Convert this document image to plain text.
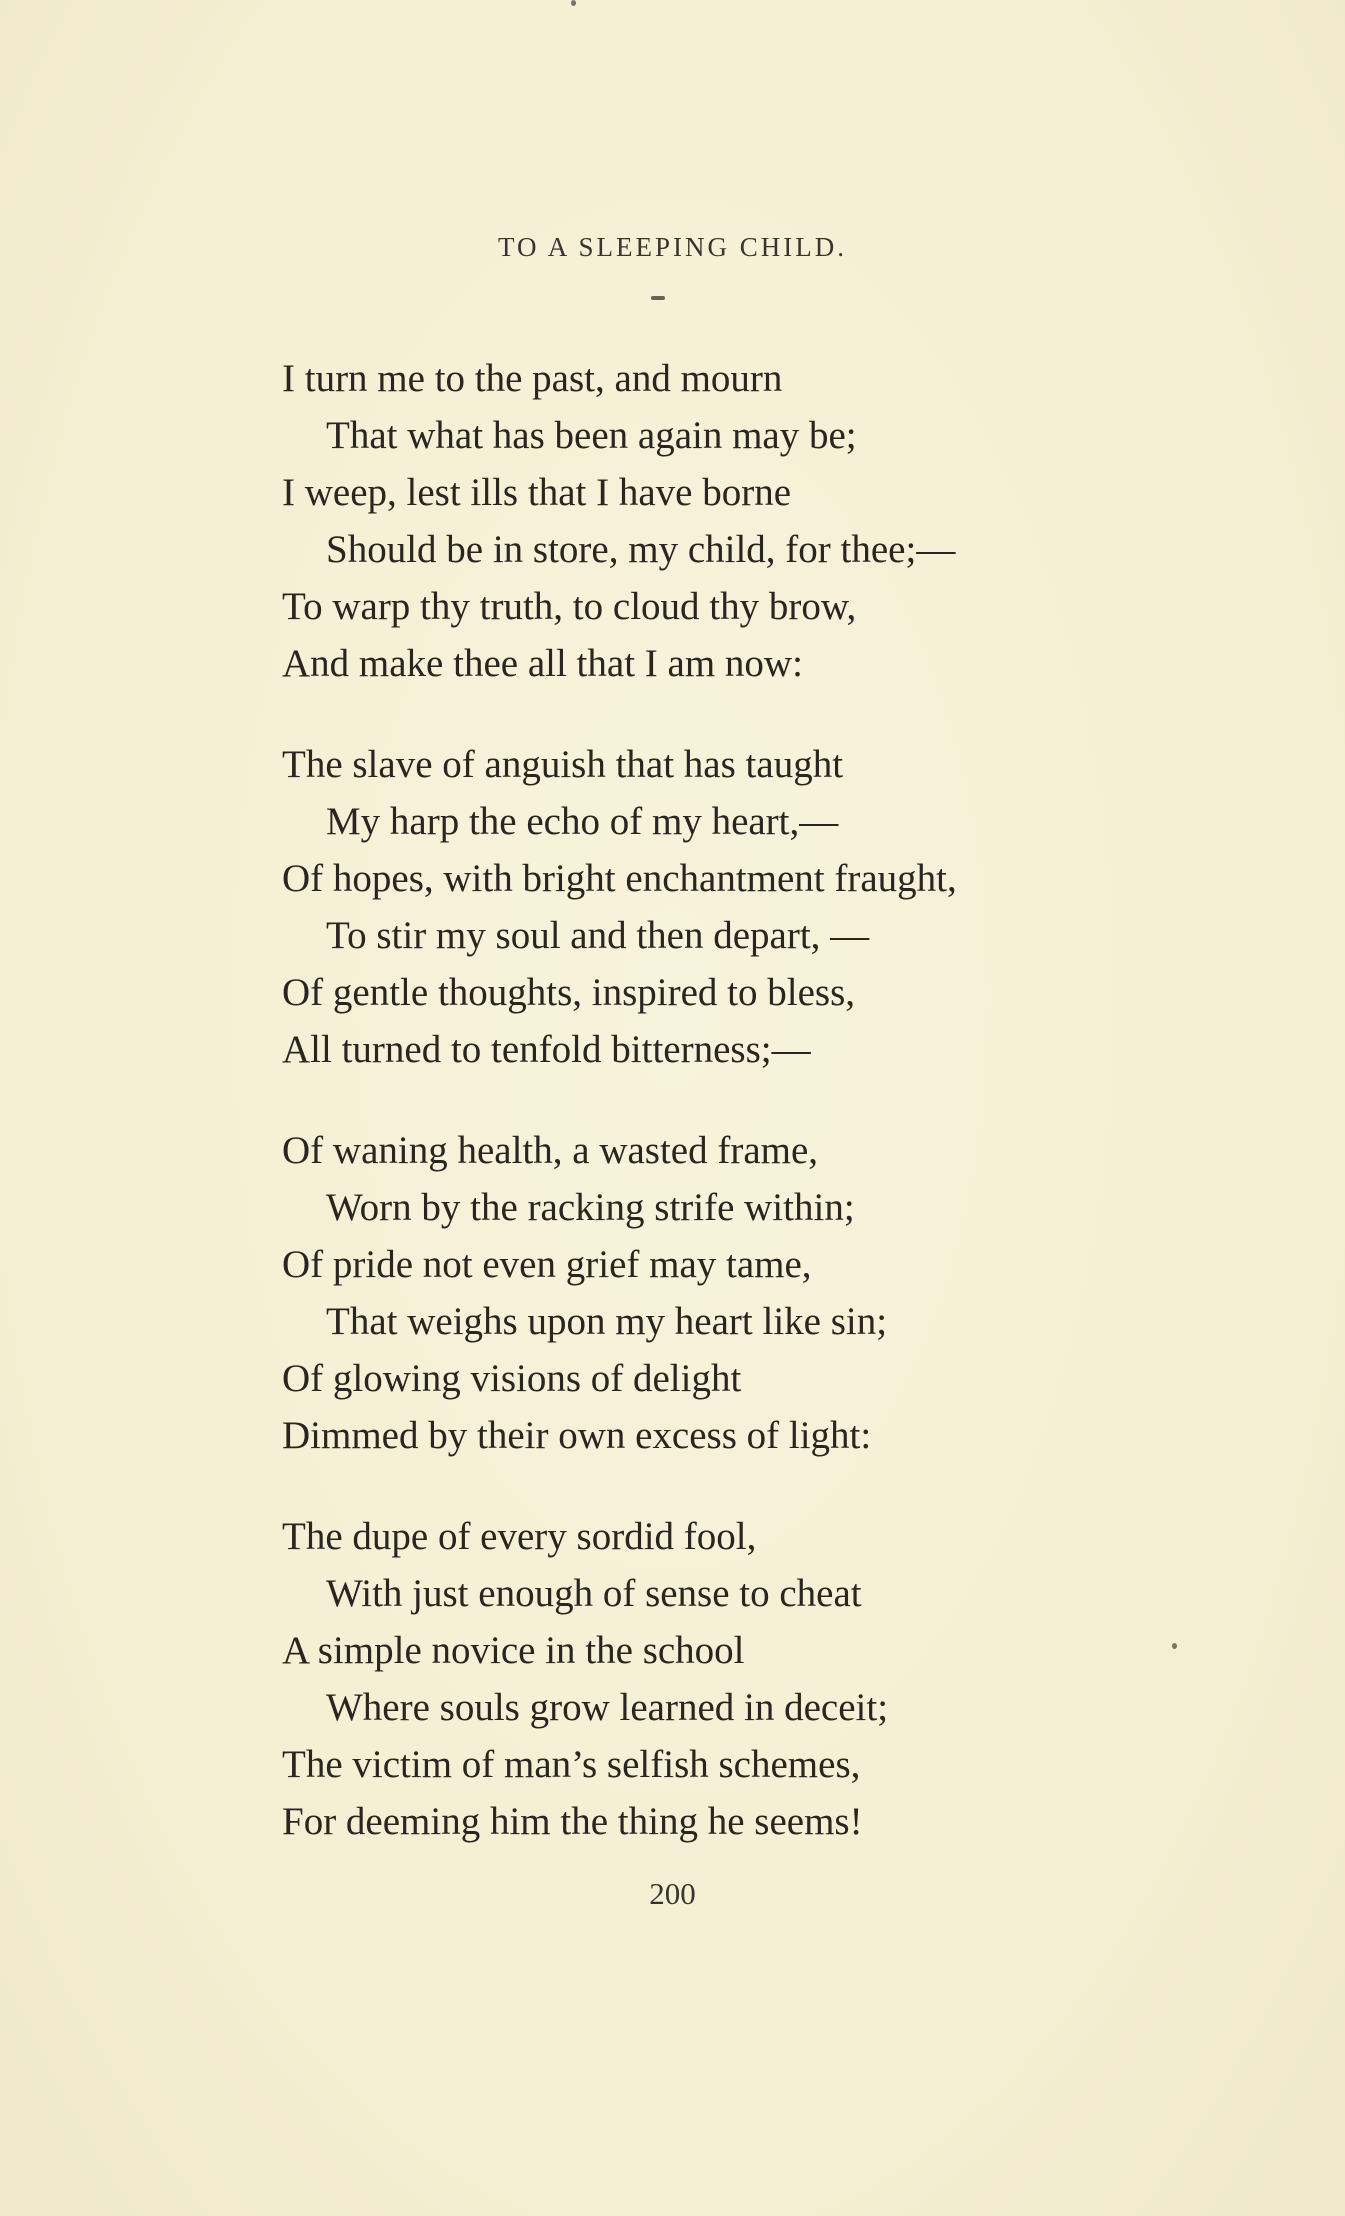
TO A SLEEPING CHILD.
I turn me to the past, and mourn
That what has been again may be;
I weep, lest ills that I have borne
Should be in store, my child, for thee;—
To warp thy truth, to cloud thy brow,
And make thee all that I am now:
The slave of anguish that has taught
My harp the echo of my heart,—
Of hopes, with bright enchantment fraught,
To stir my soul and then depart, —
Of gentle thoughts, inspired to bless,
All turned to tenfold bitterness;—
Of waning health, a wasted frame,
Worn by the racking strife within;
Of pride not even grief may tame,
That weighs upon my heart like sin;
Of glowing visions of delight
Dimmed by their own excess of light:
The dupe of every sordid fool,
With just enough of sense to cheat
A simple novice in the school
Where souls grow learned in deceit;
The victim of man’s selfish schemes,
For deeming him the thing he seems!
200
